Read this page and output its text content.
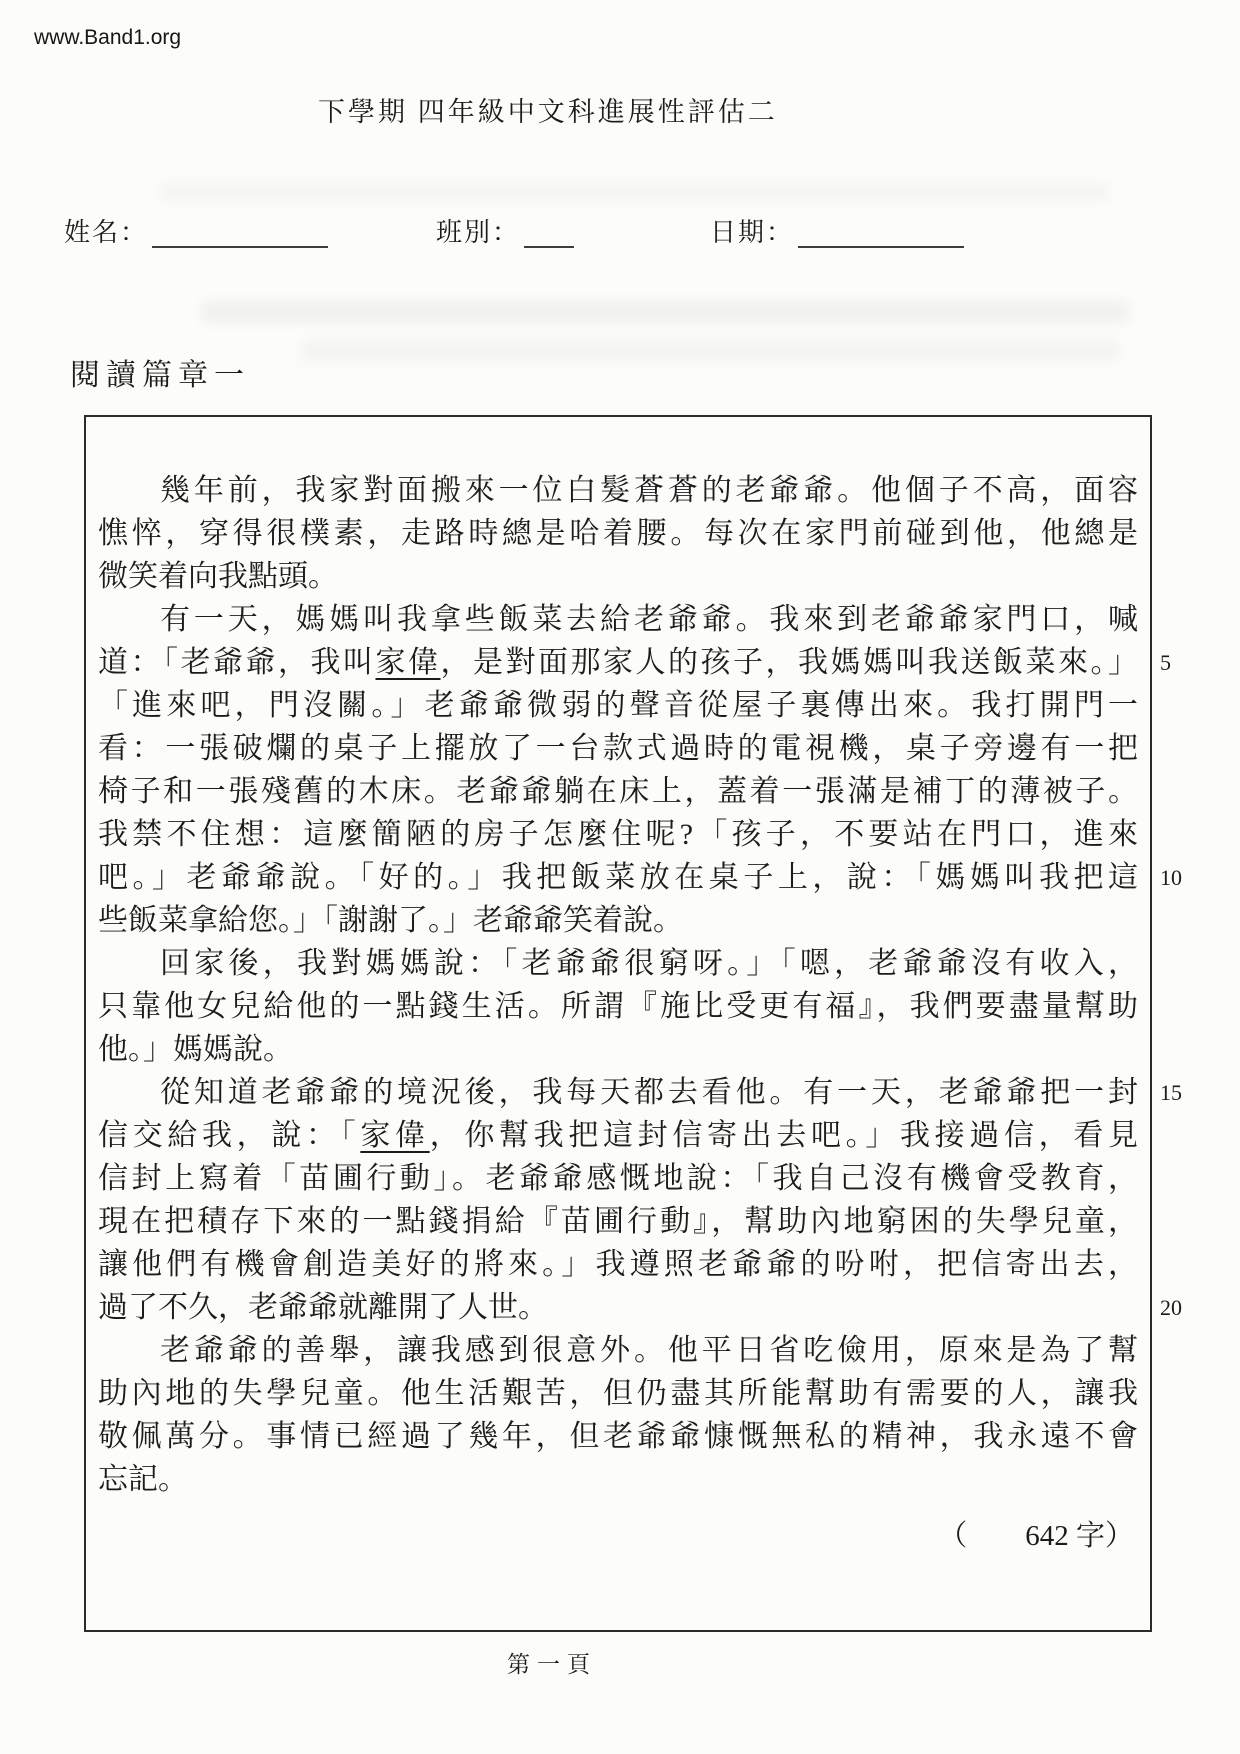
www.Band1.org
下學期 四年級中文科進展性評估二
姓名：	班別：	日期：
閱讀篇章一
幾年前，我家對面搬來一位白髮蒼蒼的老爺爺。他個子不高，面容
憔悴，穿得很樸素，走路時總是哈着腰。每次在家門前碰到他，他總是
微笑着向我點頭。
有一天，媽媽叫我拿些飯菜去給老爺爺。我來到老爺爺家門口，喊
道：「老爺爺，我叫家偉，是對面那家人的孩子，我媽媽叫我送飯菜來。」
「進來吧，門沒關。」老爺爺微弱的聲音從屋子裏傳出來。我打開門一
看：一張破爛的桌子上擺放了一台款式過時的電視機，桌子旁邊有一把
椅子和一張殘舊的木床。老爺爺躺在床上，蓋着一張滿是補丁的薄被子。
我禁不住想：這麼簡陋的房子怎麼住呢?「孩子，不要站在門口，進來
吧。」老爺爺說。「好的。」我把飯菜放在桌子上，說：「媽媽叫我把這
些飯菜拿給您。」「謝謝了。」老爺爺笑着說。
回家後，我對媽媽說：「老爺爺很窮呀。」「嗯，老爺爺沒有收入，
只靠他女兒給他的一點錢生活。所謂『施比受更有福』，我們要盡量幫助
他。」媽媽說。
從知道老爺爺的境況後，我每天都去看他。有一天，老爺爺把一封
信交給我，說：「家偉，你幫我把這封信寄出去吧。」我接過信，看見
信封上寫着「苗圃行動」。老爺爺感慨地說：「我自己沒有機會受教育，
現在把積存下來的一點錢捐給『苗圃行動』，幫助內地窮困的失學兒童，
讓他們有機會創造美好的將來。」我遵照老爺爺的吩咐，把信寄出去，
過了不久，老爺爺就離開了人世。
老爺爺的善舉，讓我感到很意外。他平日省吃儉用，原來是為了幫
助內地的失學兒童。他生活艱苦，但仍盡其所能幫助有需要的人，讓我
敬佩萬分。事情已經過了幾年，但老爺爺慷慨無私的精神，我永遠不會
忘記。
（　　642 字）
5
10
15
20
第一頁
